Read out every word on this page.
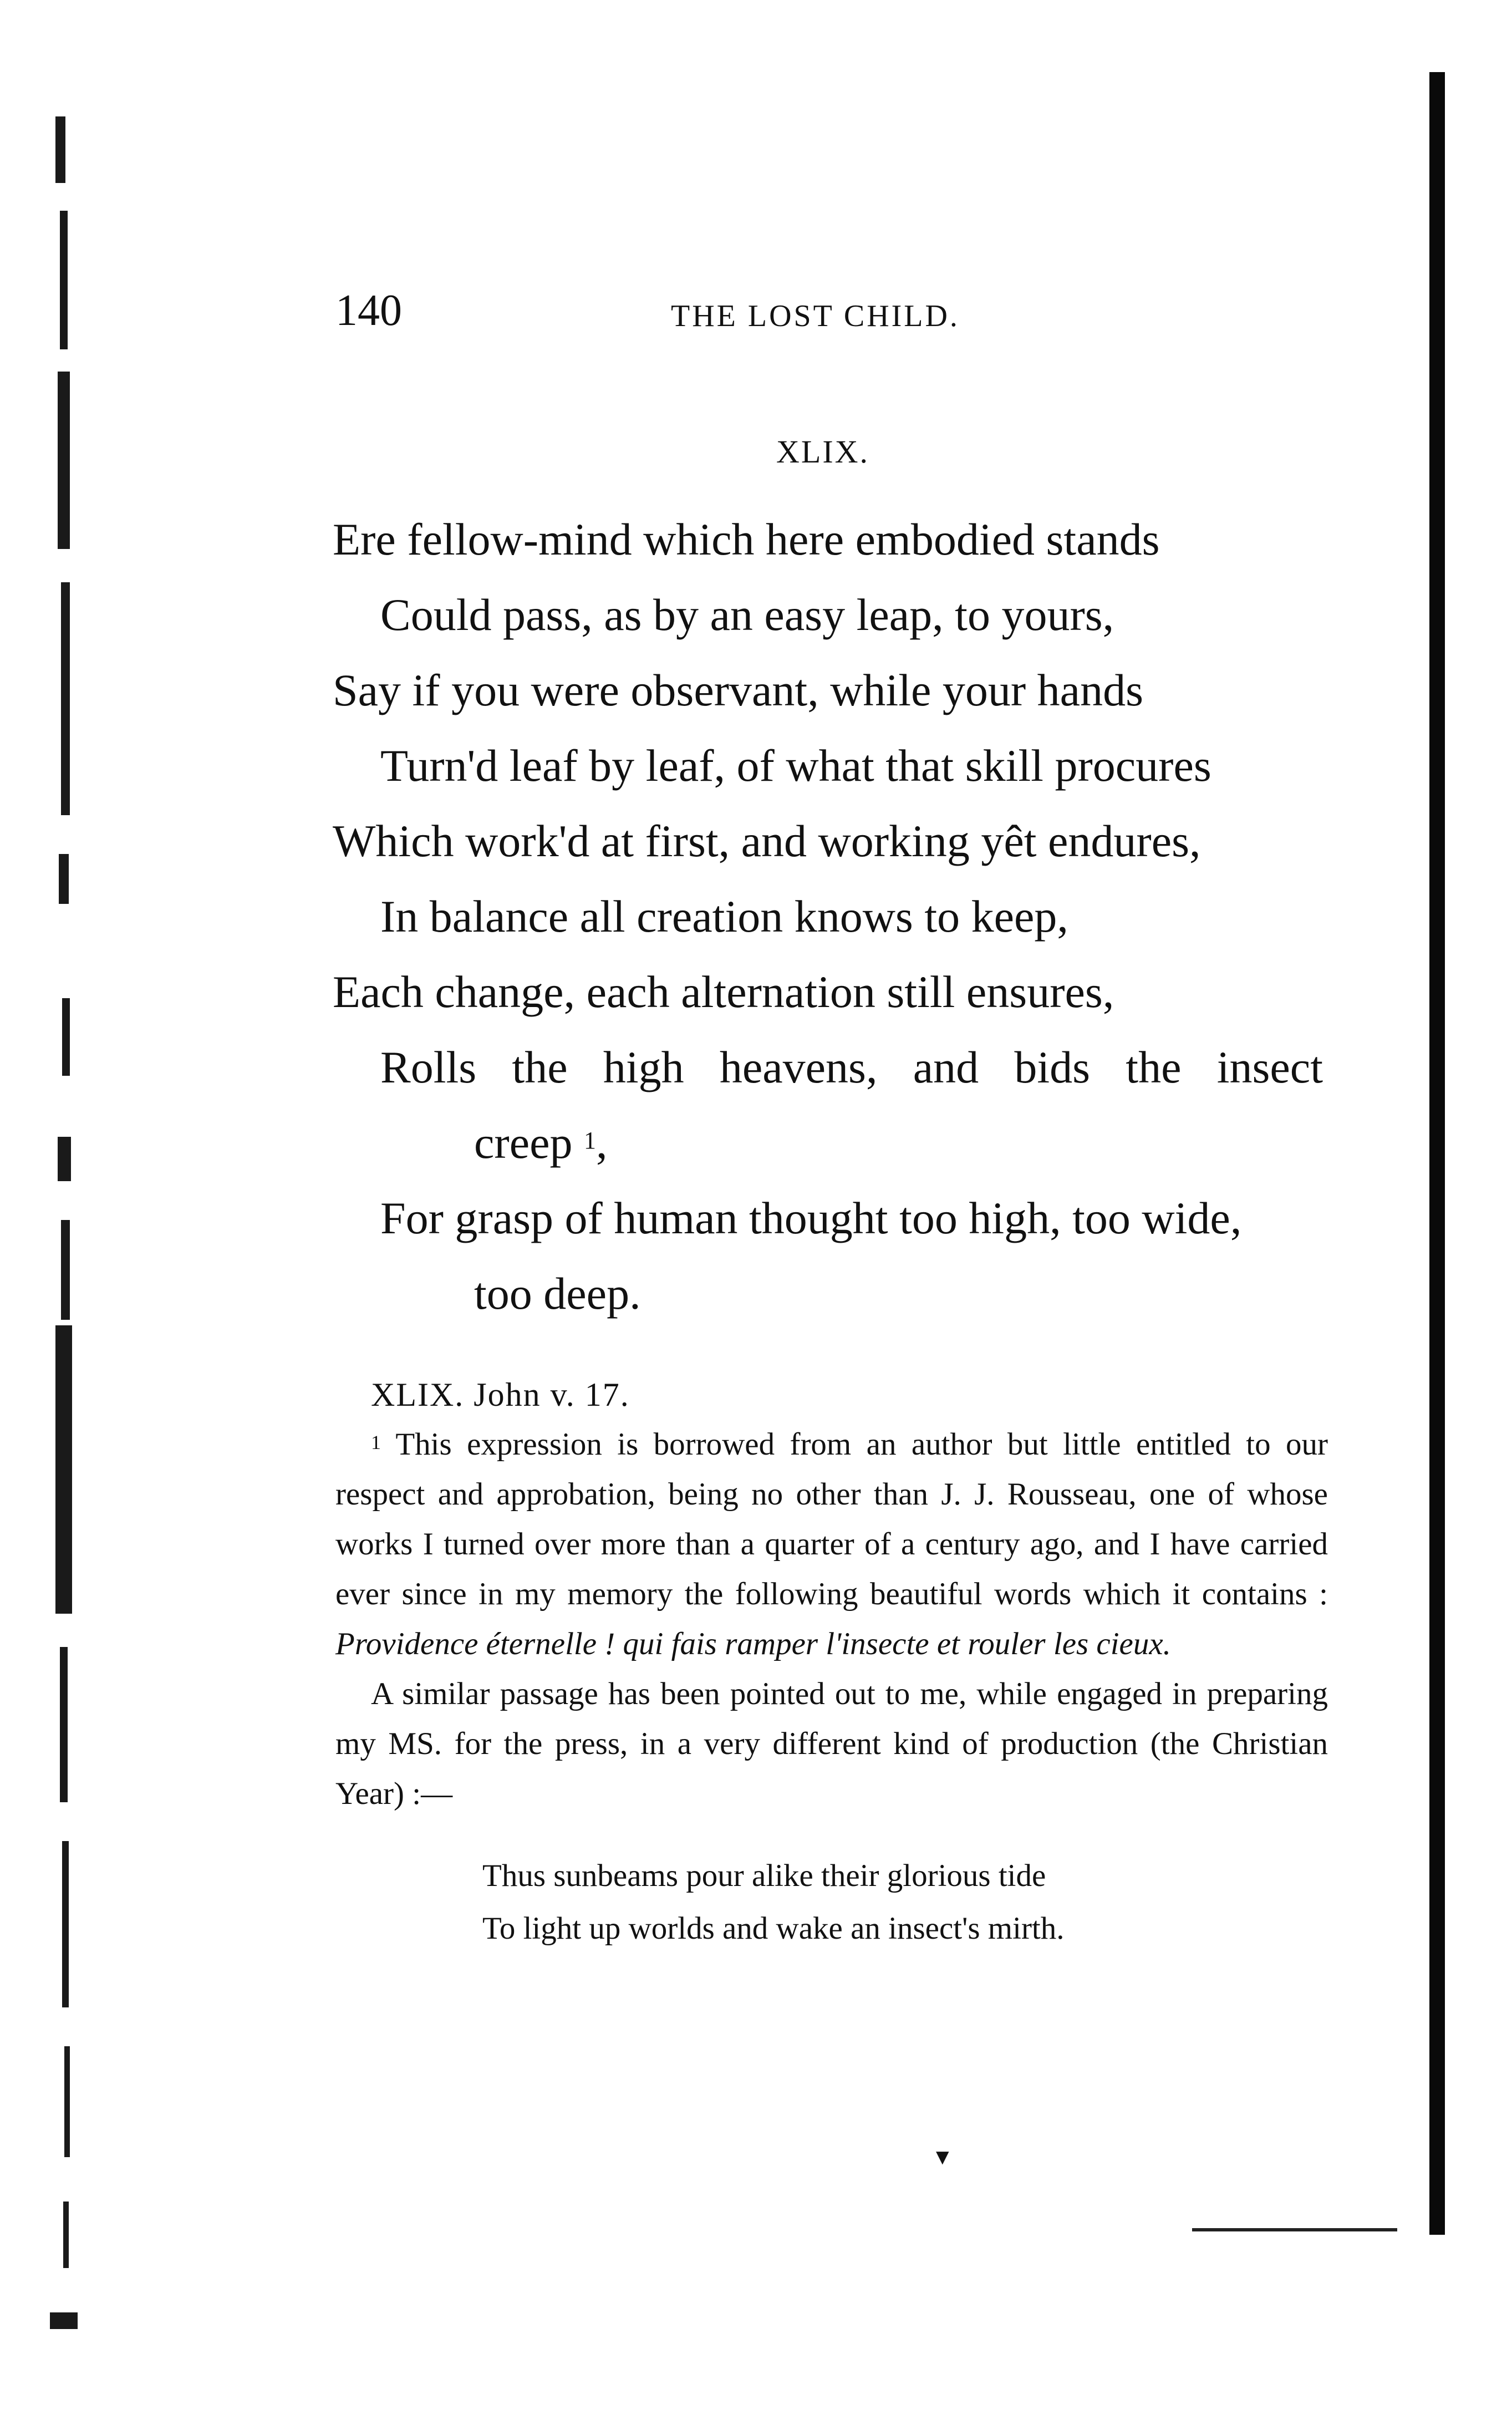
140	THE LOST CHILD.
XLIX.
Ere fellow-mind which here embodied stands
Could pass, as by an easy leap, to yours,
Say if you were observant, while your hands
Turn'd leaf by leaf, of what that skill procures
Which work'd at first, and working yêt endures,
In balance all creation knows to keep,
Each change, each alternation still ensures,
Rolls the high heavens, and bids the insect
creep $^1$,
For grasp of human thought too high, too wide,
too deep.
XLIX. John v. 17.

$^1$ This expression is borrowed from an author but little entitled to our respect and approbation, being no other than J. J. Rousseau, one of whose works I turned over more than a quarter of a century ago, and I have carried ever since in my memory the following beautiful words which it contains : Providence éternelle ! qui fais ramper l'insecte et rouler les cieux.

A similar passage has been pointed out to me, while engaged in preparing my MS. for the press, in a very different kind of production (the Christian Year) :—

Thus sunbeams pour alike their glorious tide
To light up worlds and wake an insect's mirth.
▼
